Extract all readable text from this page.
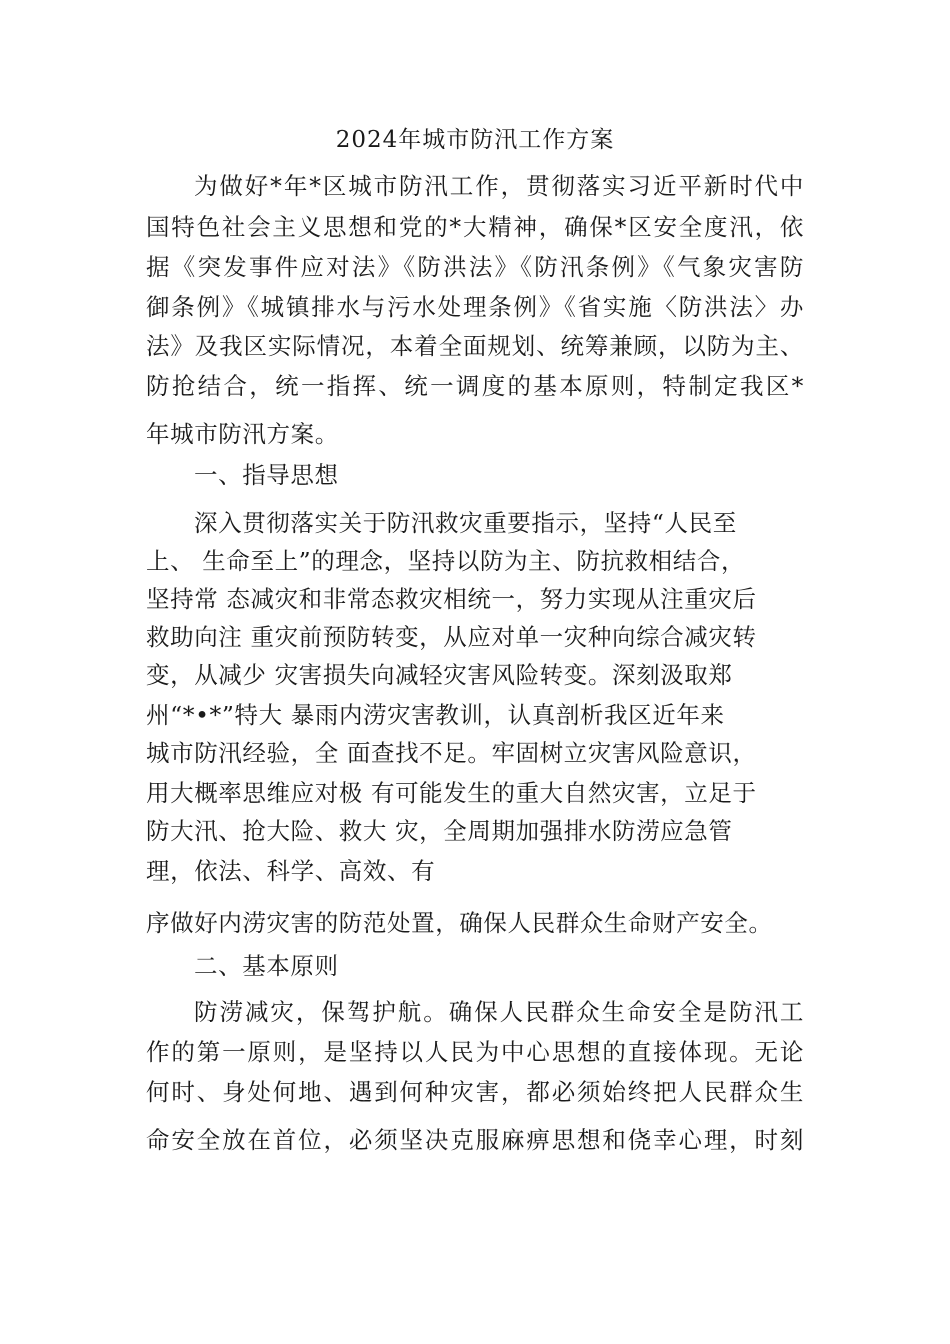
2024年城市防汛工作方案
为做好*年*区城市防汛工作，贯彻落实习近平新时代中
国特色社会主义思想和党的*大精神，确保*区安全度汛，依
据《突发事件应对法》《防洪法》《防汛条例》《气象灾害防
御条例》《城镇排水与污水处理条例》《省实施〈防洪法〉办
法》及我区实际情况，本着全面规划、统筹兼顾，以防为主、
防抢结合，统一指挥、统一调度的基本原则，特制定我区*
年城市防汛方案。
一、指导思想
深入贯彻落实关于防汛救灾重要指示，坚持“人民至
上、 生命至上”的理念，坚持以防为主、防抗救相结合，
坚持常 态减灾和非常态救灾相统一，努力实现从注重灾后
救助向注 重灾前预防转变，从应对单一灾种向综合减灾转
变，从减少 灾害损失向减轻灾害风险转变。深刻汲取郑
州“*•*”特大 暴雨内涝灾害教训，认真剖析我区近年来
城市防汛经验，全 面查找不足。牢固树立灾害风险意识，
用大概率思维应对极 有可能发生的重大自然灾害，立足于
防大汛、抢大险、救大 灾，全周期加强排水防涝应急管
理，依法、科学、高效、有
序做好内涝灾害的防范处置，确保人民群众生命财产安全。
二、基本原则
防涝减灾，保驾护航。确保人民群众生命安全是防汛工
作的第一原则，是坚持以人民为中心思想的直接体现。无论
何时、身处何地、遇到何种灾害，都必须始终把人民群众生
命安全放在首位，必须坚决克服麻痹思想和侥幸心理，时刻
